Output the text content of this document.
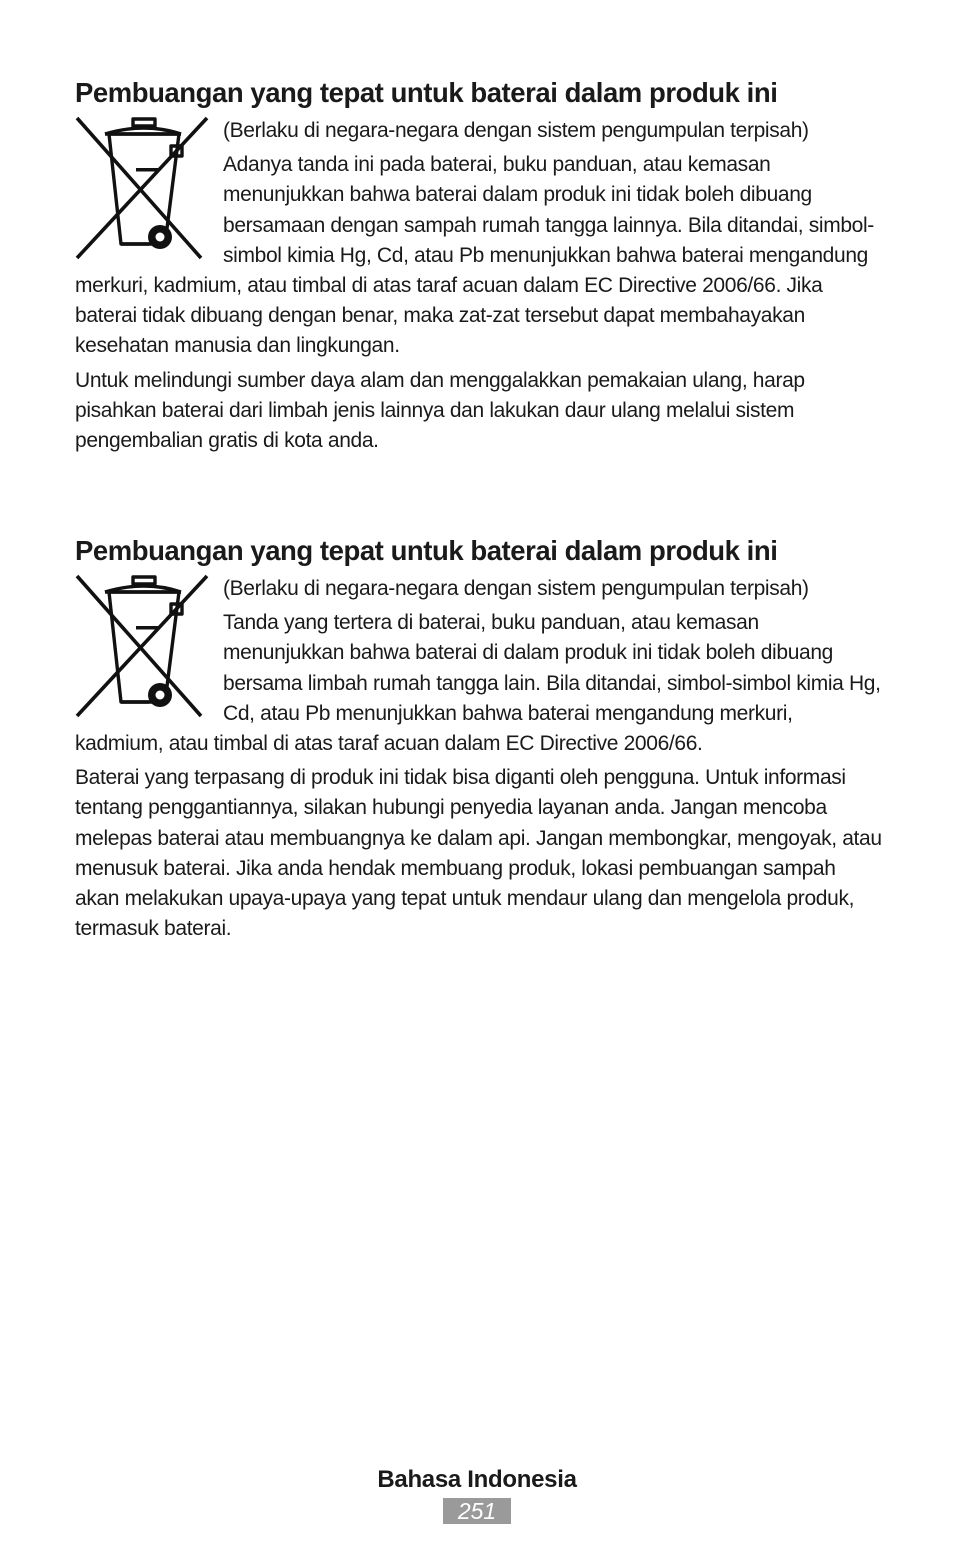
Pembuangan yang tepat untuk baterai dalam produk ini

(Berlaku di negara-negara dengan sistem pengumpulan terpisah)

Adanya tanda ini pada baterai, buku panduan, atau kemasan menunjukkan bahwa baterai dalam produk ini tidak boleh dibuang bersamaan dengan sampah rumah tangga lainnya. Bila ditandai, simbol-simbol kimia Hg, Cd, atau Pb menunjukkan bahwa baterai mengandung merkuri, kadmium, atau timbal di atas taraf acuan dalam EC Directive 2006/66. Jika baterai tidak dibuang dengan benar, maka zat-zat tersebut dapat membahayakan kesehatan manusia dan lingkungan.

Untuk melindungi sumber daya alam dan menggalakkan pemakaian ulang, harap pisahkan baterai dari limbah jenis lainnya dan lakukan daur ulang melalui sistem pengembalian gratis di kota anda.

Pembuangan yang tepat untuk baterai dalam produk ini

(Berlaku di negara-negara dengan sistem pengumpulan terpisah)

Tanda yang tertera di baterai, buku panduan, atau kemasan menunjukkan bahwa baterai di dalam produk ini tidak boleh dibuang bersama limbah rumah tangga lain. Bila ditandai, simbol-simbol kimia Hg, Cd, atau Pb menunjukkan bahwa baterai mengandung merkuri, kadmium, atau timbal di atas taraf acuan dalam EC Directive 2006/66.

Baterai yang terpasang di produk ini tidak bisa diganti oleh pengguna. Untuk informasi tentang penggantiannya, silakan hubungi penyedia layanan anda. Jangan mencoba melepas baterai atau membuangnya ke dalam api. Jangan membongkar, mengoyak, atau menusuk baterai. Jika anda hendak membuang produk, lokasi pembuangan sampah akan melakukan upaya-upaya yang tepat untuk mendaur ulang dan mengelola produk, termasuk baterai.

Bahasa Indonesia
251
